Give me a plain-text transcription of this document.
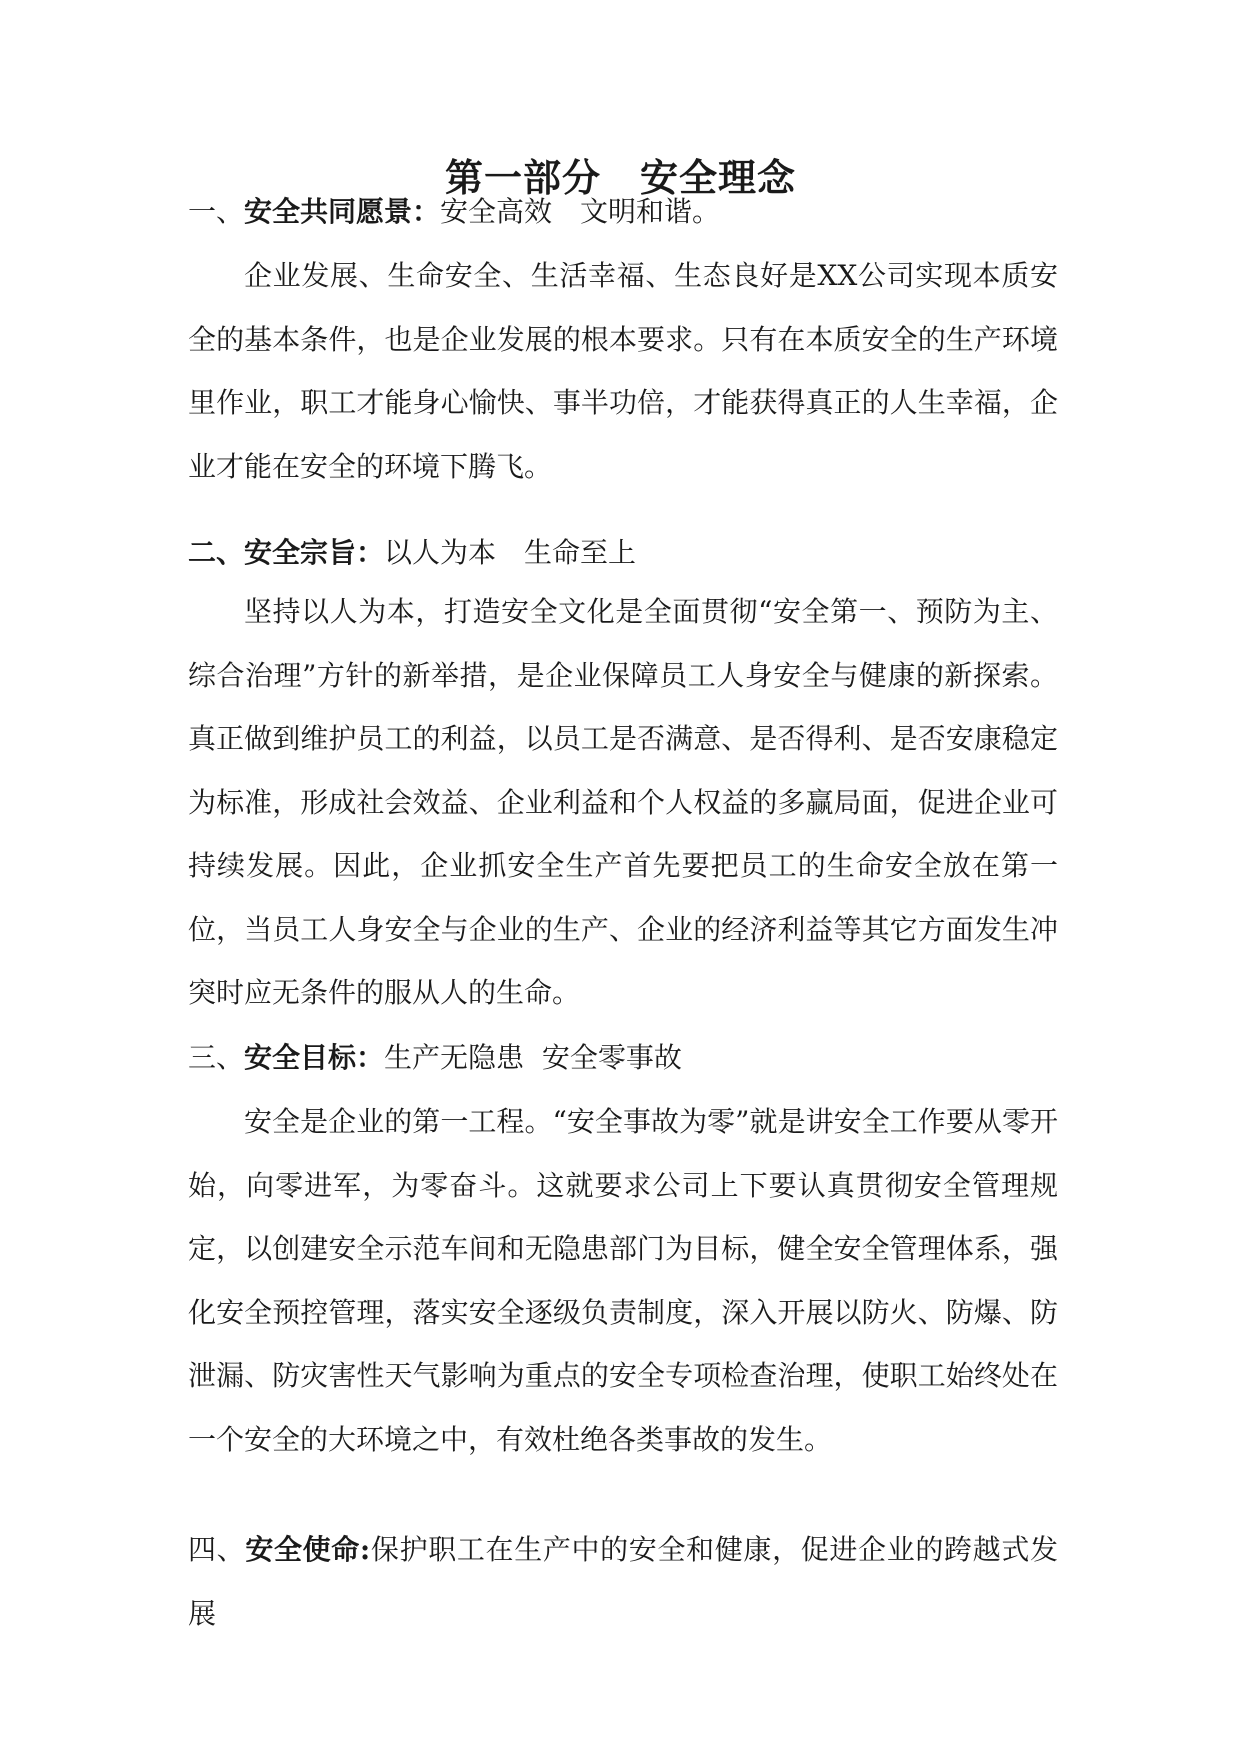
第一部分　安全理念
一、安全共同愿景：安全高效　文明和谐。

企业发展、生命安全、生活幸福、生态良好是XX公司实现本质安全的基本条件，也是企业发展的根本要求。只有在本质安全的生产环境里作业，职工才能身心愉快、事半功倍，才能获得真正的人生幸福，企业才能在安全的环境下腾飞。

二、安全宗旨：以人为本　生命至上

坚持以人为本，打造安全文化是全面贯彻“安全第一、预防为主、综合治理”方针的新举措，是企业保障员工人身安全与健康的新探索。真正做到维护员工的利益，以员工是否满意、是否得利、是否安康稳定为标准，形成社会效益、企业利益和个人权益的多赢局面，促进企业可持续发展。因此，企业抓安全生产首先要把员工的生命安全放在第一位，当员工人身安全与企业的生产、企业的经济利益等其它方面发生冲突时应无条件的服从人的生命。

三、安全目标：生产无隐患  安全零事故

安全是企业的第一工程。“安全事故为零”就是讲安全工作要从零开始，向零进军，为零奋斗。这就要求公司上下要认真贯彻安全管理规定，以创建安全示范车间和无隐患部门为目标，健全安全管理体系，强化安全预控管理，落实安全逐级负责制度，深入开展以防火、防爆、防泄漏、防灾害性天气影响为重点的安全专项检查治理，使职工始终处在一个安全的大环境之中，有效杜绝各类事故的发生。

四、安全使命:保护职工在生产中的安全和健康，促进企业的跨越式发展
